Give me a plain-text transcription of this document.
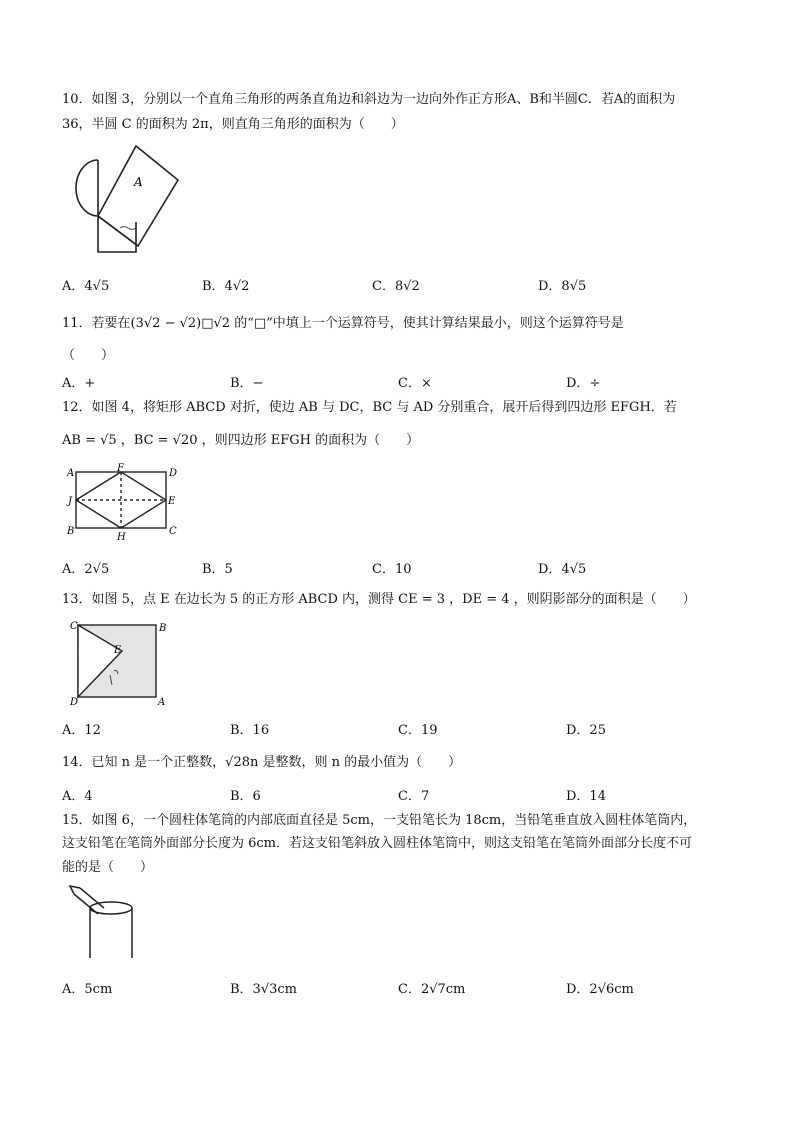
10．如图 3，分别以一个直角三角形的两条直角边和斜边为一边向外作正方形A、B和半圆C．若A的面积为
36，半圆 C 的面积为 2π，则直角三角形的面积为（　　）
A
A．4√5	B．4√2	C．8√2	D．8√5
11．若要在(3√2 − √2)□√2 的“□”中填上一个运算符号，使其计算结果最小，则这个运算符号是
（　　）
A．+	B．−	C．×	D．÷
12．如图 4，将矩形 ABCD 对折，使边 AB 与 DC，BC 与 AD 分别重合，展开后得到四边形 EFGH．若
AB = √5 ，BC = √20 ，则四边形 EFGH 的面积为（　　）
A	F	D
J	E
B
H
C
A．2√5	B．5	C．10	D．4√5
13．如图 5，点 E 在边长为 5 的正方形 ABCD 内，测得 CE = 3 ，DE = 4 ，则阴影部分的面积是（　　）
C	B
E
D	A
A．12	B．16	C．19	D．25
14．已知 n 是一个正整数，√28n 是整数，则 n 的最小值为（　　）
A．4	B．6	C．7	D．14
15．如图 6，一个圆柱体笔筒的内部底面直径是 5cm，一支铅笔长为 18cm，当铅笔垂直放入圆柱体笔筒内，
这支铅笔在笔筒外面部分长度为 6cm．若这支铅笔斜放入圆柱体笔筒中，则这支铅笔在笔筒外面部分长度不可
能的是（　　）
A．5cm	B．3√3cm	C．2√7cm	D．2√6cm
